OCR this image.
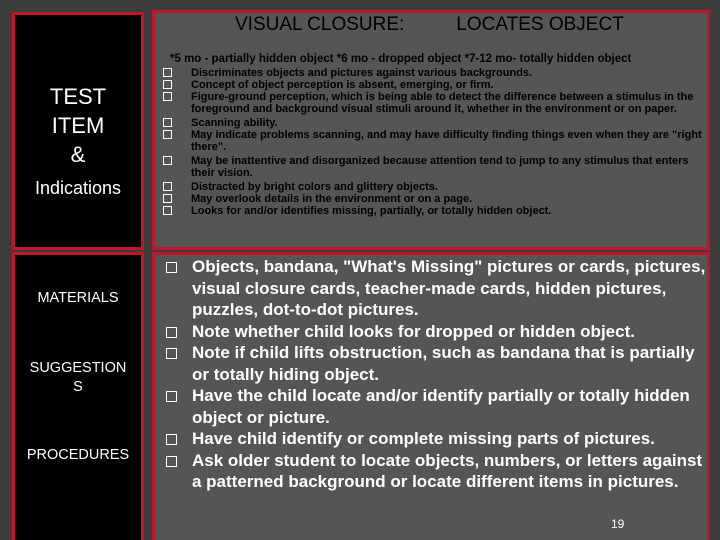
VISUAL CLOSURE:	LOCATES OBJECT
*5 mo - partially hidden object *6 mo - dropped object *7-12 mo- totally hidden object
TEST
ITEM
&
Indications
MATERIALS
SUGGESTION
S
PROCEDURES
Discriminates objects and pictures against various backgrounds.
Concept of object perception is absent, emerging, or firm.
Figure-ground perception, which is being able to detect the difference between a stimulus in the foreground and background visual stimuli around it, whether in the environment or on paper.
Scanning ability.
May indicate problems scanning, and may have difficulty finding things even when they are "right there".
May be inattentive and disorganized because attention tend to jump to any stimulus that enters their vision.
Distracted by bright colors and glittery objects.
May overlook details in the environment or on a page.
Looks for and/or identifies missing, partially, or totally hidden object.
Objects, bandana, "What's Missing" pictures or cards, pictures, visual closure cards, teacher-made cards, hidden pictures, puzzles, dot-to-dot pictures.
Note whether child looks for dropped or hidden object.
Note if child lifts obstruction, such as bandana that is partially or totally hiding object.
Have the child locate and/or identify partially or totally hidden object or picture.
Have child identify or complete missing parts of pictures.
Ask older student to locate objects, numbers, or letters against a patterned background or locate different items in pictures.
19
